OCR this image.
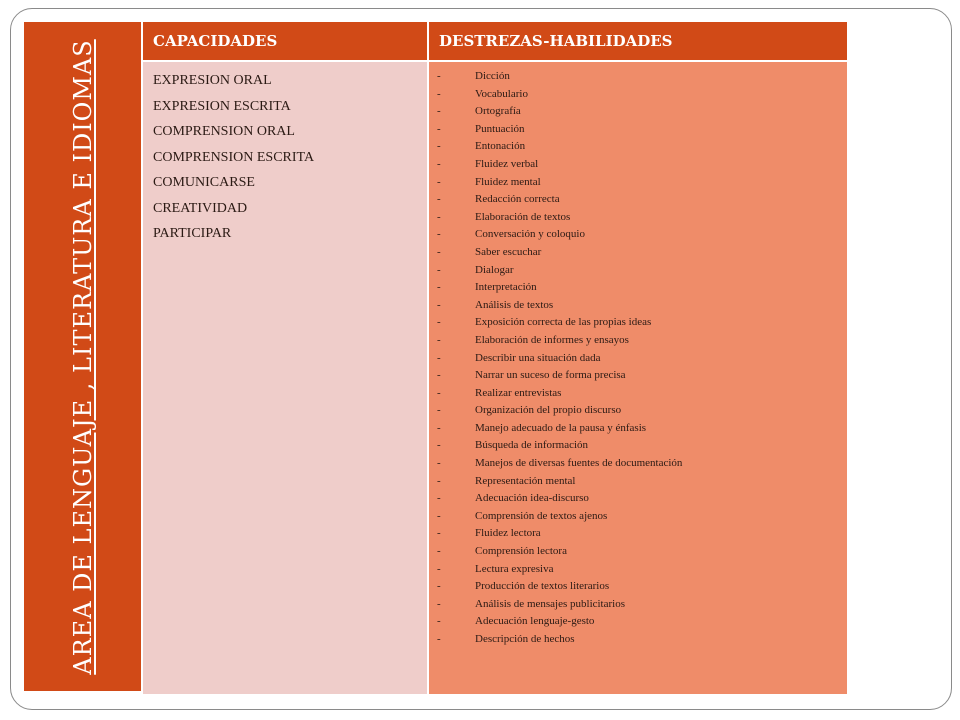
AREA DE LENGUAJE , LITERATURA E IDIOMAS	CAPACIDADES	DESTREZAS-HABILIDADES
EXPRESION ORAL
EXPRESION ESCRITA
COMPRENSION ORAL
COMPRENSION ESCRITA
COMUNICARSE
CREATIVIDAD
PARTICIPAR
-	Dicción
-	Vocabulario
-	Ortografía
-	Puntuación
-	Entonación
-	Fluidez verbal
-	Fluidez mental
-	Redacción correcta
-	Elaboración de textos
-	Conversación y coloquio
-	Saber escuchar
-	Dialogar
-	Interpretación
-	Análisis de textos
-	Exposición correcta de las propias ideas
-	Elaboración de informes y ensayos
-	Describir una situación dada
-	Narrar un suceso de forma precisa
-	Realizar entrevistas
-	Organización del propio discurso
-	Manejo adecuado de la pausa y énfasis
-	Búsqueda de información
-	Manejos de diversas fuentes de documentación
-	Representación mental
-	Adecuación idea-discurso
-	Comprensión de textos ajenos
-	Fluidez lectora
-	Comprensión lectora
-	Lectura expresiva
-	Producción de textos literarios
-	Análisis de mensajes publicitarios
-	Adecuación lenguaje-gesto
-	Descripción de hechos
